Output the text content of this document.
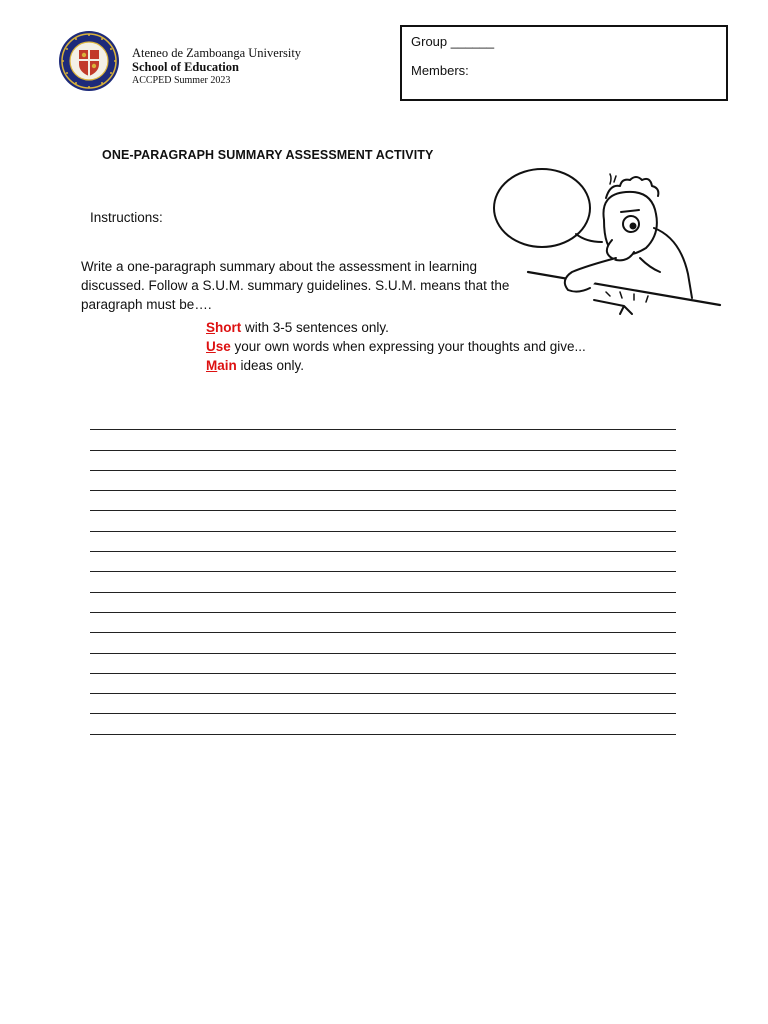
Ateneo de Zamboanga University
School of Education
ACCPED Summer 2023
Group ______
Members:
ONE-PARAGRAPH SUMMARY ASSESSMENT ACTIVITY
Instructions:
Write a one-paragraph summary about the assessment in learning discussed. Follow a S.U.M. summary guidelines. S.U.M. means that the paragraph must be….
Short with 3-5 sentences only.
Use your own words when expressing your thoughts and give...
Main ideas only.
